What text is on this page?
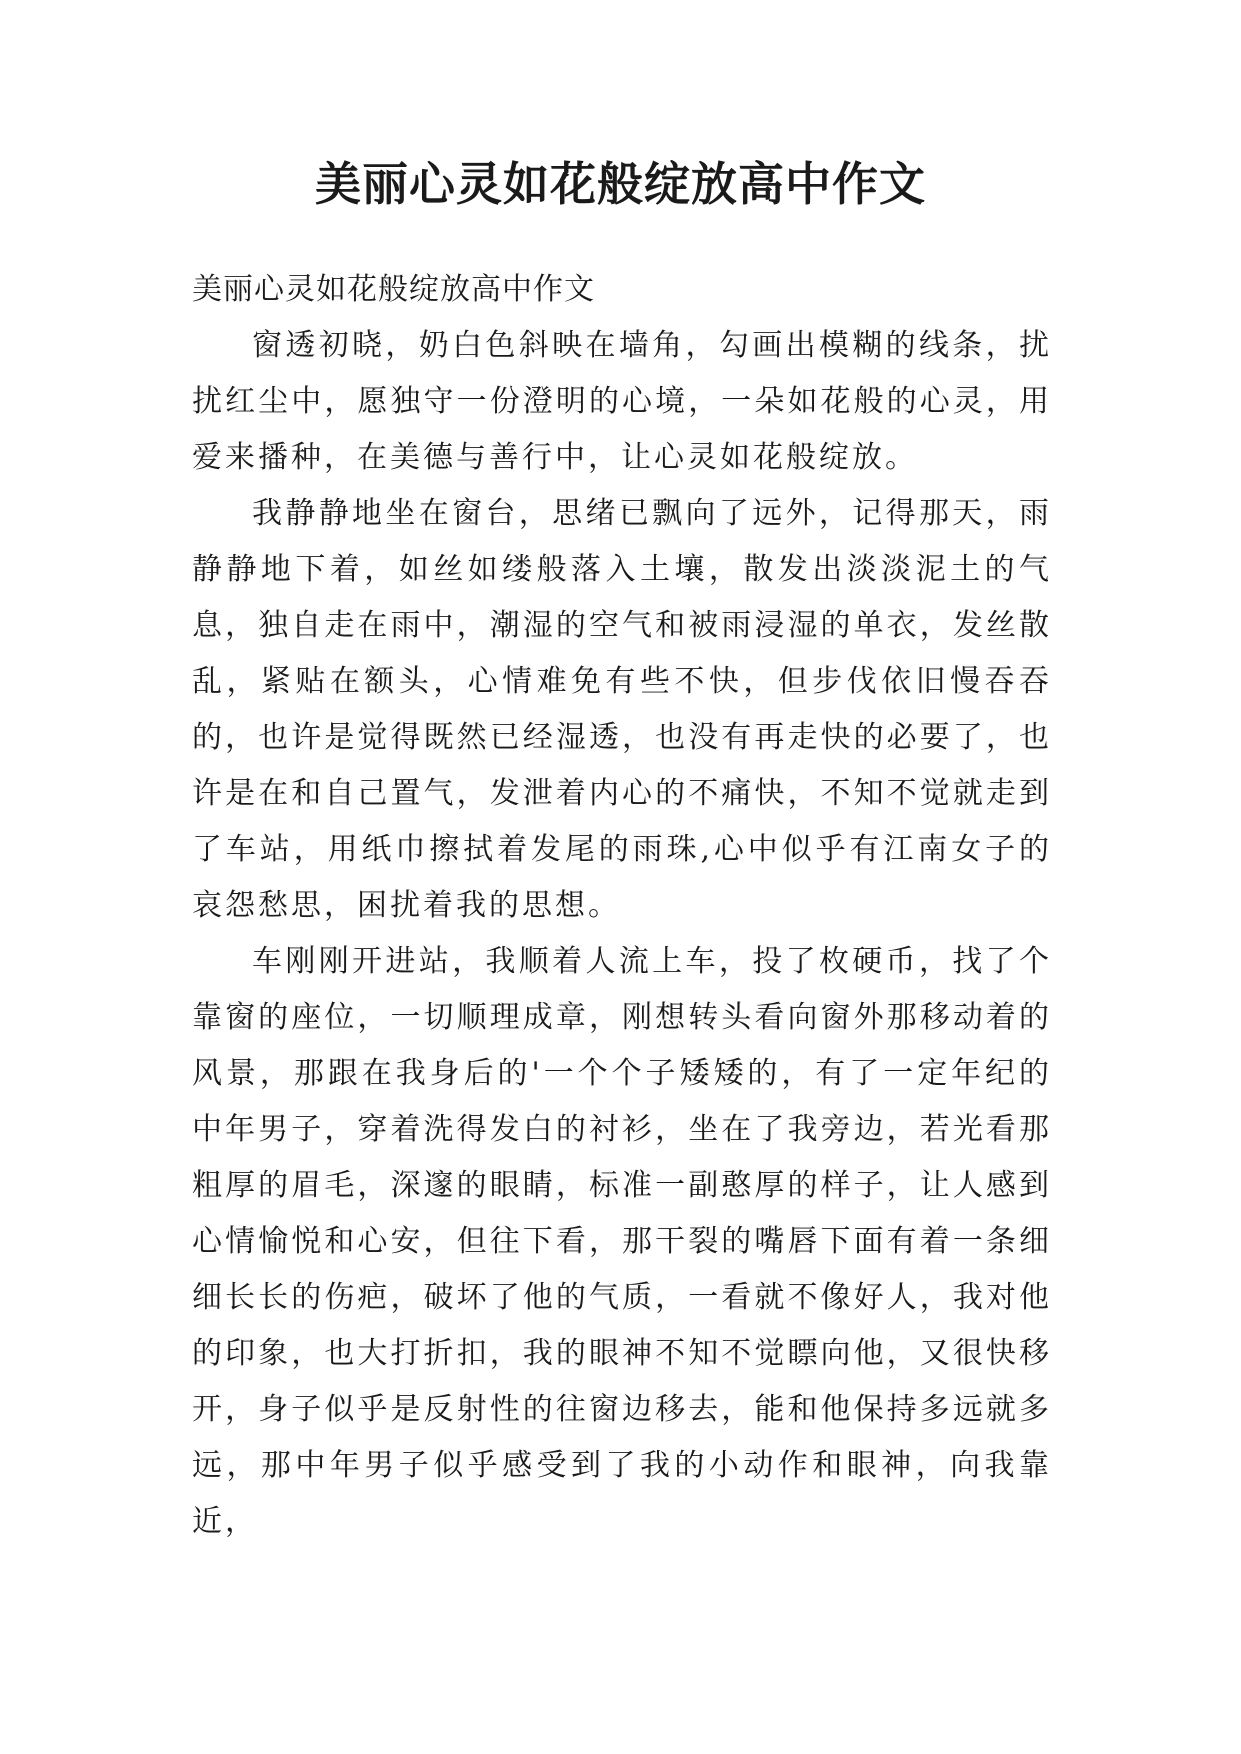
美丽心灵如花般绽放高中作文

美丽心灵如花般绽放高中作文

窗透初晓，奶白色斜映在墙角，勾画出模糊的线条，扰扰红尘中，愿独守一份澄明的心境，一朵如花般的心灵，用爱来播种，在美德与善行中，让心灵如花般绽放。

我静静地坐在窗台，思绪已飘向了远外，记得那天，雨静静地下着，如丝如缕般落入土壤，散发出淡淡泥土的气息，独自走在雨中，潮湿的空气和被雨浸湿的单衣，发丝散乱，紧贴在额头，心情难免有些不快，但步伐依旧慢吞吞的，也许是觉得既然已经湿透，也没有再走快的必要了，也许是在和自己置气，发泄着内心的不痛快，不知不觉就走到了车站，用纸巾擦拭着发尾的雨珠,心中似乎有江南女子的哀怨愁思，困扰着我的思想。

车刚刚开进站，我顺着人流上车，投了枚硬币，找了个靠窗的座位，一切顺理成章，刚想转头看向窗外那移动着的风景，那跟在我身后的'一个个子矮矮的，有了一定年纪的中年男子，穿着洗得发白的衬衫，坐在了我旁边，若光看那粗厚的眉毛，深邃的眼睛，标准一副憨厚的样子，让人感到心情愉悦和心安，但往下看，那干裂的嘴唇下面有着一条细细长长的伤疤，破坏了他的气质，一看就不像好人，我对他的印象，也大打折扣，我的眼神不知不觉瞟向他，又很快移开，身子似乎是反射性的往窗边移去，能和他保持多远就多远，那中年男子似乎感受到了我的小动作和眼神，向我靠近，
